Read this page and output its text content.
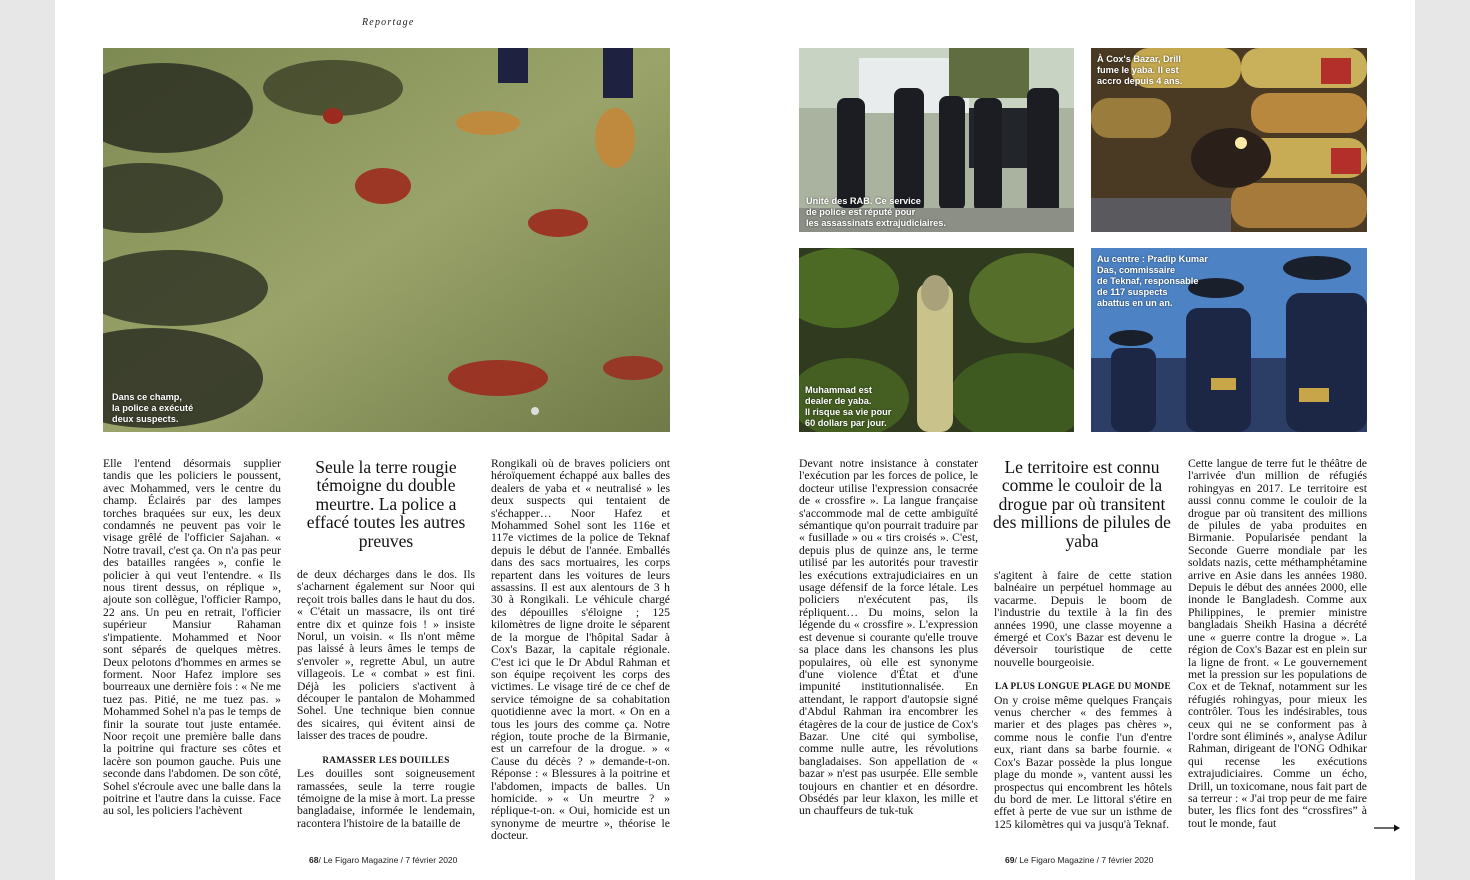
Reportage
Dans ce champ,
la police a exécuté
deux suspects.
Unité des RAB. Ce service
de police est réputé pour
les assassinats extrajudiciaires.
À Cox's Bazar, Drill
fume le yaba. Il est
accro depuis 4 ans.
Muhammad est
dealer de yaba.
Il risque sa vie pour
60 dollars par jour.
Au centre : Pradip Kumar
Das, commissaire
de Teknaf, responsable
de 117 suspects
abattus en un an.

Elle l'entend désormais supplier tandis que les policiers le poussent, avec Mohammed, vers le centre du champ. Éclairés par des lampes torches braquées sur eux, les deux condamnés ne peuvent pas voir le visage grêlé de l'officier Sajahan. « Notre travail, c'est ça. On n'a pas peur des batailles rangées », confie le policier à qui veut l'entendre. « Ils nous tirent dessus, on réplique », ajoute son collègue, l'officier Rampo, 22 ans. Un peu en retrait, l'officier supérieur Mansiur Rahaman s'impatiente. Mohammed et Noor sont séparés de quelques mètres. Deux pelotons d'hommes en armes se forment. Noor Hafez implore ses bourreaux une dernière fois : « Ne me tuez pas. Pitié, ne me tuez pas. » Mohammed Sohel n'a pas le temps de finir la sourate tout juste entamée. Noor reçoit une première balle dans la poitrine qui fracture ses côtes et lacère son poumon gauche. Puis une seconde dans l'abdomen. De son côté, Sohel s'écroule avec une balle dans la poitrine et l'autre dans la cuisse. Face au sol, les policiers l'achèvent

Seule la terre rougie témoigne du double meurtre. La police a effacé toutes les autres preuves

de deux décharges dans le dos. Ils s'acharnent également sur Noor qui reçoit trois balles dans le haut du dos. « C'était un massacre, ils ont tiré entre dix et quinze fois ! » insiste Norul, un voisin. « Ils n'ont même pas laissé à leurs âmes le temps de s'envoler », regrette Abul, un autre villageois. Le « combat » est fini. Déjà les policiers s'activent à découper le pantalon de Mohammed Sohel. Une technique bien connue des sicaires, qui évitent ainsi de laisser des traces de poudre.

RAMASSER LES DOUILLES

Les douilles sont soigneusement ramassées, seule la terre rougie témoigne de la mise à mort. La presse bangladaise, informée le lendemain, racontera l'histoire de la bataille de

Rongikali où de braves policiers ont héroïquement échappé aux balles des dealers de yaba et « neutralisé » les deux suspects qui tentaient de s'échapper… Noor Hafez et Mohammed Sohel sont les 116e et 117e victimes de la police de Teknaf depuis le début de l'année. Emballés dans des sacs mortuaires, les corps repartent dans les voitures de leurs assassins. Il est aux alentours de 3 h 30 à Rongikali. Le véhicule chargé des dépouilles s'éloigne ; 125 kilomètres de ligne droite le séparent de la morgue de l'hôpital Sadar à Cox's Bazar, la capitale régionale. C'est ici que le Dr Abdul Rahman et son équipe reçoivent les corps des victimes. Le visage tiré de ce chef de service témoigne de sa cohabitation quotidienne avec la mort. « On en a tous les jours des comme ça. Notre région, toute proche de la Birmanie, est un carrefour de la drogue. » « Cause du décès ? » demande-t-on. Réponse : « Blessures à la poitrine et l'abdomen, impacts de balles. Un homicide. » « Un meurtre ? » réplique-t-on. « Oui, homicide est un synonyme de meurtre », théorise le docteur.

Devant notre insistance à constater l'exécution par les forces de police, le docteur utilise l'expression consacrée de « crossfire ». La langue française s'accommode mal de cette ambiguïté sémantique qu'on pourrait traduire par « fusillade » ou « tirs croisés ». C'est, depuis plus de quinze ans, le terme utilisé par les autorités pour travestir les exécutions extrajudiciaires en un usage défensif de la force létale. Les policiers n'exécutent pas, ils répliquent… Du moins, selon la légende du « crossfire ». L'expression est devenue si courante qu'elle trouve sa place dans les chansons les plus populaires, où elle est synonyme d'une violence d'État et d'une impunité institutionnalisée. En attendant, le rapport d'autopsie signé d'Abdul Rahman ira encombrer les étagères de la cour de justice de Cox's Bazar. Une cité qui symbolise, comme nulle autre, les révolutions bangladaises. Son appellation de « bazar » n'est pas usurpée. Elle semble toujours en chantier et en désordre. Obsédés par leur klaxon, les mille et un chauffeurs de tuk-tuk

Le territoire est connu comme le couloir de la drogue par où transitent des millions de pilules de yaba

s'agitent à faire de cette station balnéaire un perpétuel hommage au vacarme. Depuis le boom de l'industrie du textile à la fin des années 1990, une classe moyenne a émergé et Cox's Bazar est devenu le déversoir touristique de cette nouvelle bourgeoisie.

LA PLUS LONGUE PLAGE DU MONDE

On y croise même quelques Français venus chercher « des femmes à marier et des plages pas chères », comme nous le confie l'un d'entre eux, riant dans sa barbe fournie. « Cox's Bazar possède la plus longue plage du monde », vantent aussi les prospectus qui encombrent les hôtels du bord de mer. Le littoral s'étire en effet à perte de vue sur un isthme de 125 kilomètres qui va jusqu'à Teknaf.

Cette langue de terre fut le théâtre de l'arrivée d'un million de réfugiés rohingyas en 2017. Le territoire est aussi connu comme le couloir de la drogue par où transitent des millions de pilules de yaba produites en Birmanie. Popularisée pendant la Seconde Guerre mondiale par les soldats nazis, cette méthamphétamine arrive en Asie dans les années 1980. Depuis le début des années 2000, elle inonde le Bangladesh. Comme aux Philippines, le premier ministre bangladais Sheikh Hasina a décrété une « guerre contre la drogue ». La région de Cox's Bazar est en plein sur la ligne de front. « Le gouvernement met la pression sur les populations de Cox et de Teknaf, notamment sur les réfugiés rohingyas, pour mieux les contrôler. Tous les indésirables, tous ceux qui ne se conforment pas à l'ordre sont éliminés », analyse Adilur Rahman, dirigeant de l'ONG Odhikar qui recense les exécutions extrajudiciaires. Comme un écho, Drill, un toxicomane, nous fait part de sa terreur : « J'ai trop peur de me faire buter, les flics font des “crossfires” à tout le monde, faut

68/ Le Figaro Magazine / 7 février 2020	69/ Le Figaro Magazine / 7 février 2020
